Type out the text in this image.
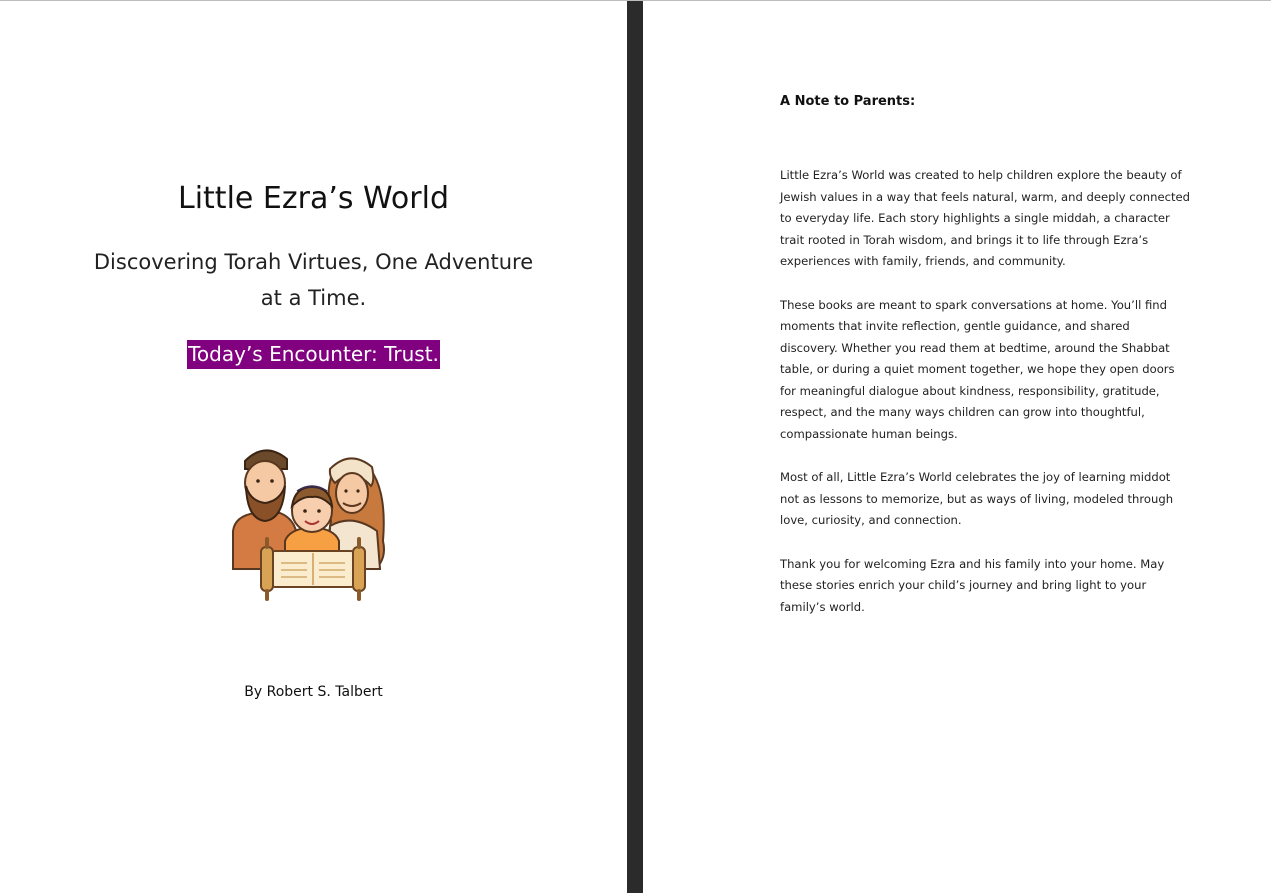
Little Ezra’s World
Discovering Torah Virtues, One Adventure at a Time.
Today’s Encounter: Trust.
By Robert S. Talbert
A Note to Parents:

Little Ezra’s World was created to help children explore the beauty of Jewish values in a way that feels natural, warm, and deeply connected to everyday life. Each story highlights a single middah, a character trait rooted in Torah wisdom, and brings it to life through Ezra’s experiences with family, friends, and community.

These books are meant to spark conversations at home. You’ll find moments that invite reflection, gentle guidance, and shared discovery. Whether you read them at bedtime, around the Shabbat table, or during a quiet moment together, we hope they open doors for meaningful dialogue about kindness, responsibility, gratitude, respect, and the many ways children can grow into thoughtful, compassionate human beings.

Most of all, Little Ezra’s World celebrates the joy of learning middot not as lessons to memorize, but as ways of living, modeled through love, curiosity, and connection.

Thank you for welcoming Ezra and his family into your home. May these stories enrich your child’s journey and bring light to your family’s world.
